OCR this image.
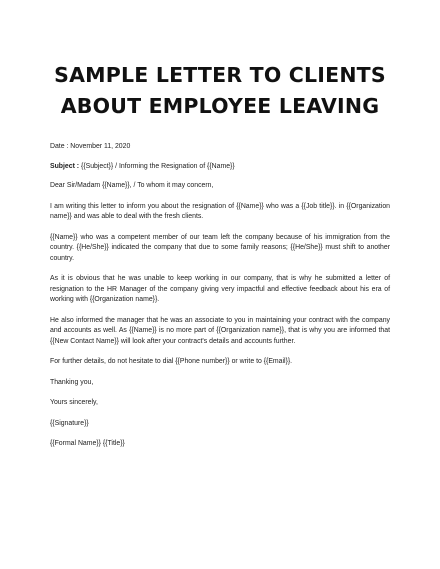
SAMPLE LETTER TO CLIENTS
ABOUT EMPLOYEE LEAVING
Date : November 11, 2020
Subject : {{Subject}} / Informing the Resignation of {{Name}}
Dear Sir/Madam {{Name}}, / To whom it may concern,
I am writing this letter to inform you about the resignation of {{Name}} who was a {{Job title}}. in {{Organization name}} and was able to deal with the fresh clients.
{{Name}} who was a competent member of our team left the company because of his immigration from the country. {{He/She}} indicated the company that due to some family reasons; {{He/She}} must shift to another country.
As it is obvious that he was unable to keep working in our company, that is why he submitted a letter of resignation to the HR Manager of the company giving very impactful and effective feedback about his era of working with {{Organization name}}.
He also informed the manager that he was an associate to you in maintaining your contract with the company and accounts as well. As {{Name}} is no more part of {{Organization name}}, that is why you are informed that {{New Contact Name}} will look after your contract's details and accounts further.
For further details, do not hesitate to dial {{Phone number}} or write to {{Email}}.
Thanking you,
Yours sincerely,
{{Signature}}
{{Formal Name}} {{Title}}
